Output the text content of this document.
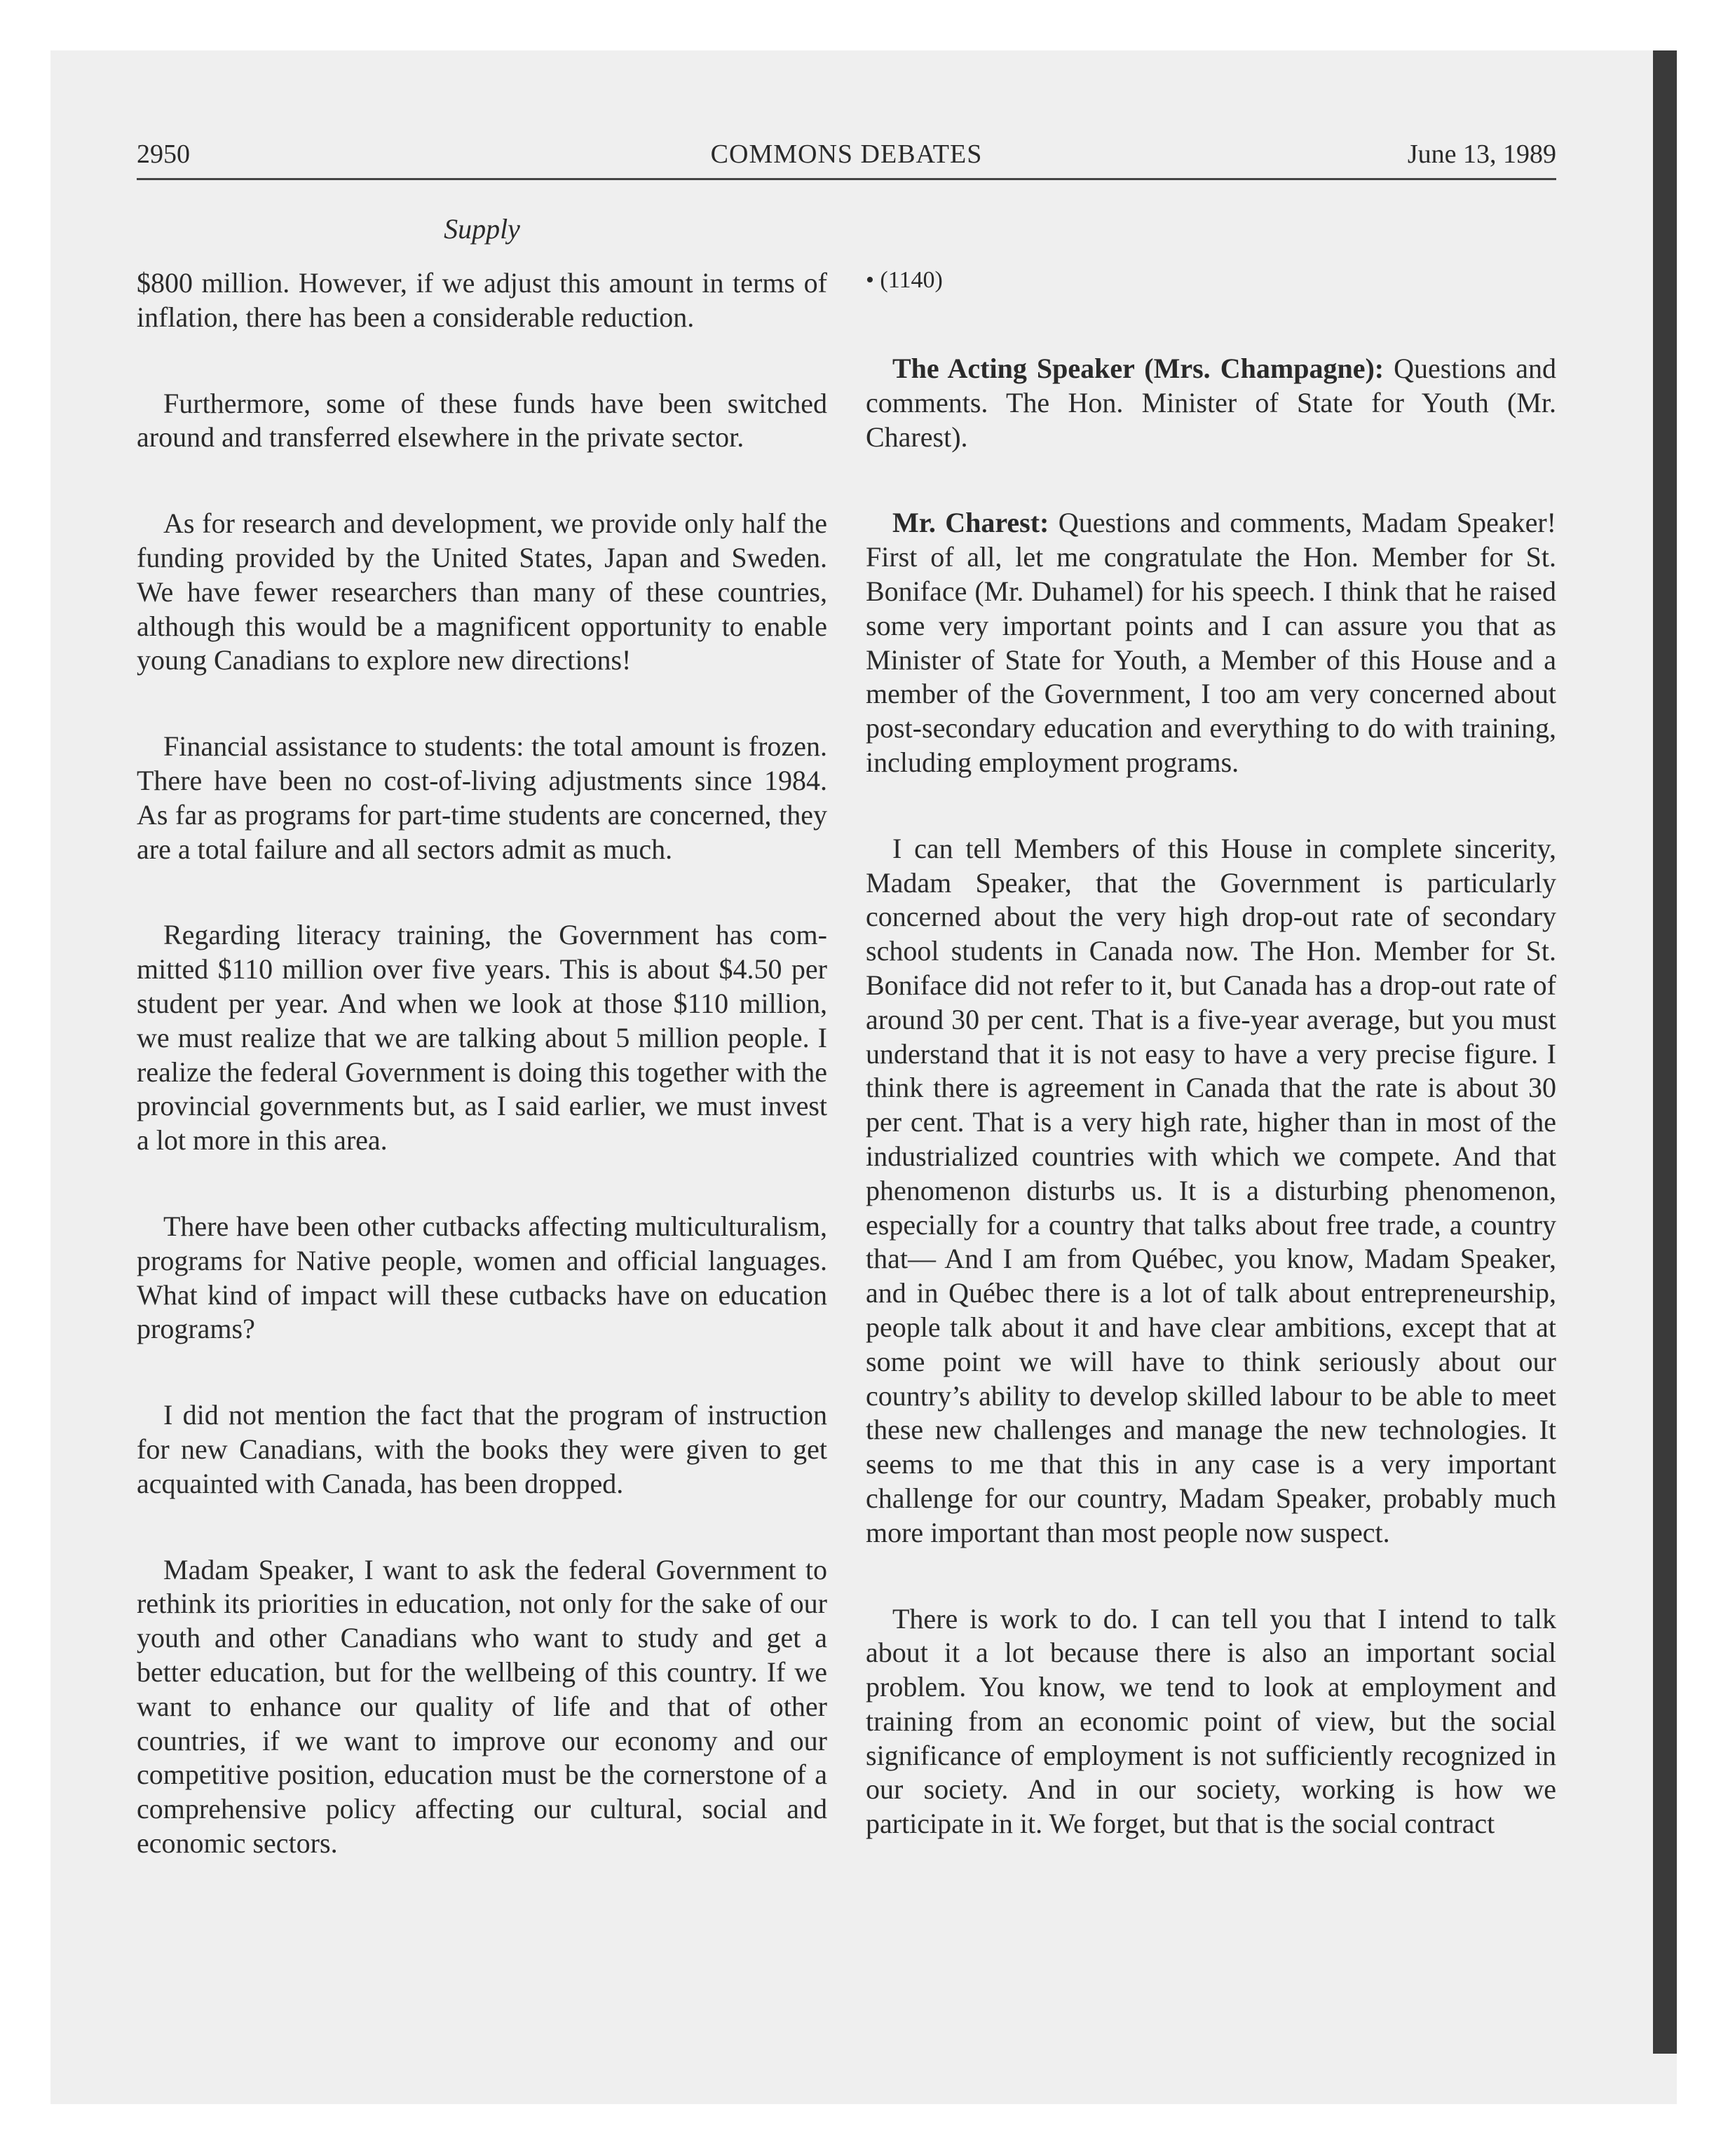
2950	COMMONS DEBATES	June 13, 1989
Supply

$800 million. However, if we adjust this amount in terms of inflation, there has been a considerable reduction.

Furthermore, some of these funds have been switched around and transferred elsewhere in the private sector.

As for research and development, we provide only half the funding provided by the United States, Japan and Sweden. We have fewer researchers than many of these countries, although this would be a magnificent opportunity to enable young Canadians to explore new directions!

Financial assistance to students: the total amount is frozen. There have been no cost-of-living adjustments since 1984. As far as programs for part-time students are concerned, they are a total failure and all sectors admit as much.

Regarding literacy training, the Government has committed $110 million over five years. This is about $4.50 per student per year. And when we look at those $110 million, we must realize that we are talking about 5 million people. I realize the federal Government is doing this together with the provincial governments but, as I said earlier, we must invest a lot more in this area.

There have been other cutbacks affecting multiculturalism, programs for Native people, women and official languages. What kind of impact will these cutbacks have on education programs?

I did not mention the fact that the program of instruction for new Canadians, with the books they were given to get acquainted with Canada, has been dropped.

Madam Speaker, I want to ask the federal Government to rethink its priorities in education, not only for the sake of our youth and other Canadians who want to study and get a better education, but for the wellbeing of this country. If we want to enhance our quality of life and that of other countries, if we want to improve our economy and our competitive position, education must be the cornerstone of a comprehensive policy affecting our cultural, social and economic sectors.

• (1140)

The Acting Speaker (Mrs. Champagne): Questions and comments. The Hon. Minister of State for Youth (Mr. Charest).

Mr. Charest: Questions and comments, Madam Speaker! First of all, let me congratulate the Hon. Member for St. Boniface (Mr. Duhamel) for his speech. I think that he raised some very important points and I can assure you that as Minister of State for Youth, a Member of this House and a member of the Government, I too am very concerned about post-secondary education and everything to do with training, including employment programs.

I can tell Members of this House in complete sincerity, Madam Speaker, that the Government is particularly concerned about the very high drop-out rate of secondary school students in Canada now. The Hon. Member for St. Boniface did not refer to it, but Canada has a drop-out rate of around 30 per cent. That is a five-year average, but you must understand that it is not easy to have a very precise figure. I think there is agreement in Canada that the rate is about 30 per cent. That is a very high rate, higher than in most of the industrialized countries with which we compete. And that phenomenon disturbs us. It is a disturbing phenomenon, especially for a country that talks about free trade, a country that— And I am from Québec, you know, Madam Speaker, and in Québec there is a lot of talk about entrepreneurship, people talk about it and have clear ambitions, except that at some point we will have to think seriously about our country’s ability to develop skilled labour to be able to meet these new challenges and manage the new technologies. It seems to me that this in any case is a very important challenge for our country, Madam Speaker, probably much more important than most people now suspect.

There is work to do. I can tell you that I intend to talk about it a lot because there is also an important social problem. You know, we tend to look at employment and training from an economic point of view, but the social significance of employment is not sufficiently recognized in our society. And in our society, working is how we participate in it. We forget, but that is the social contract
